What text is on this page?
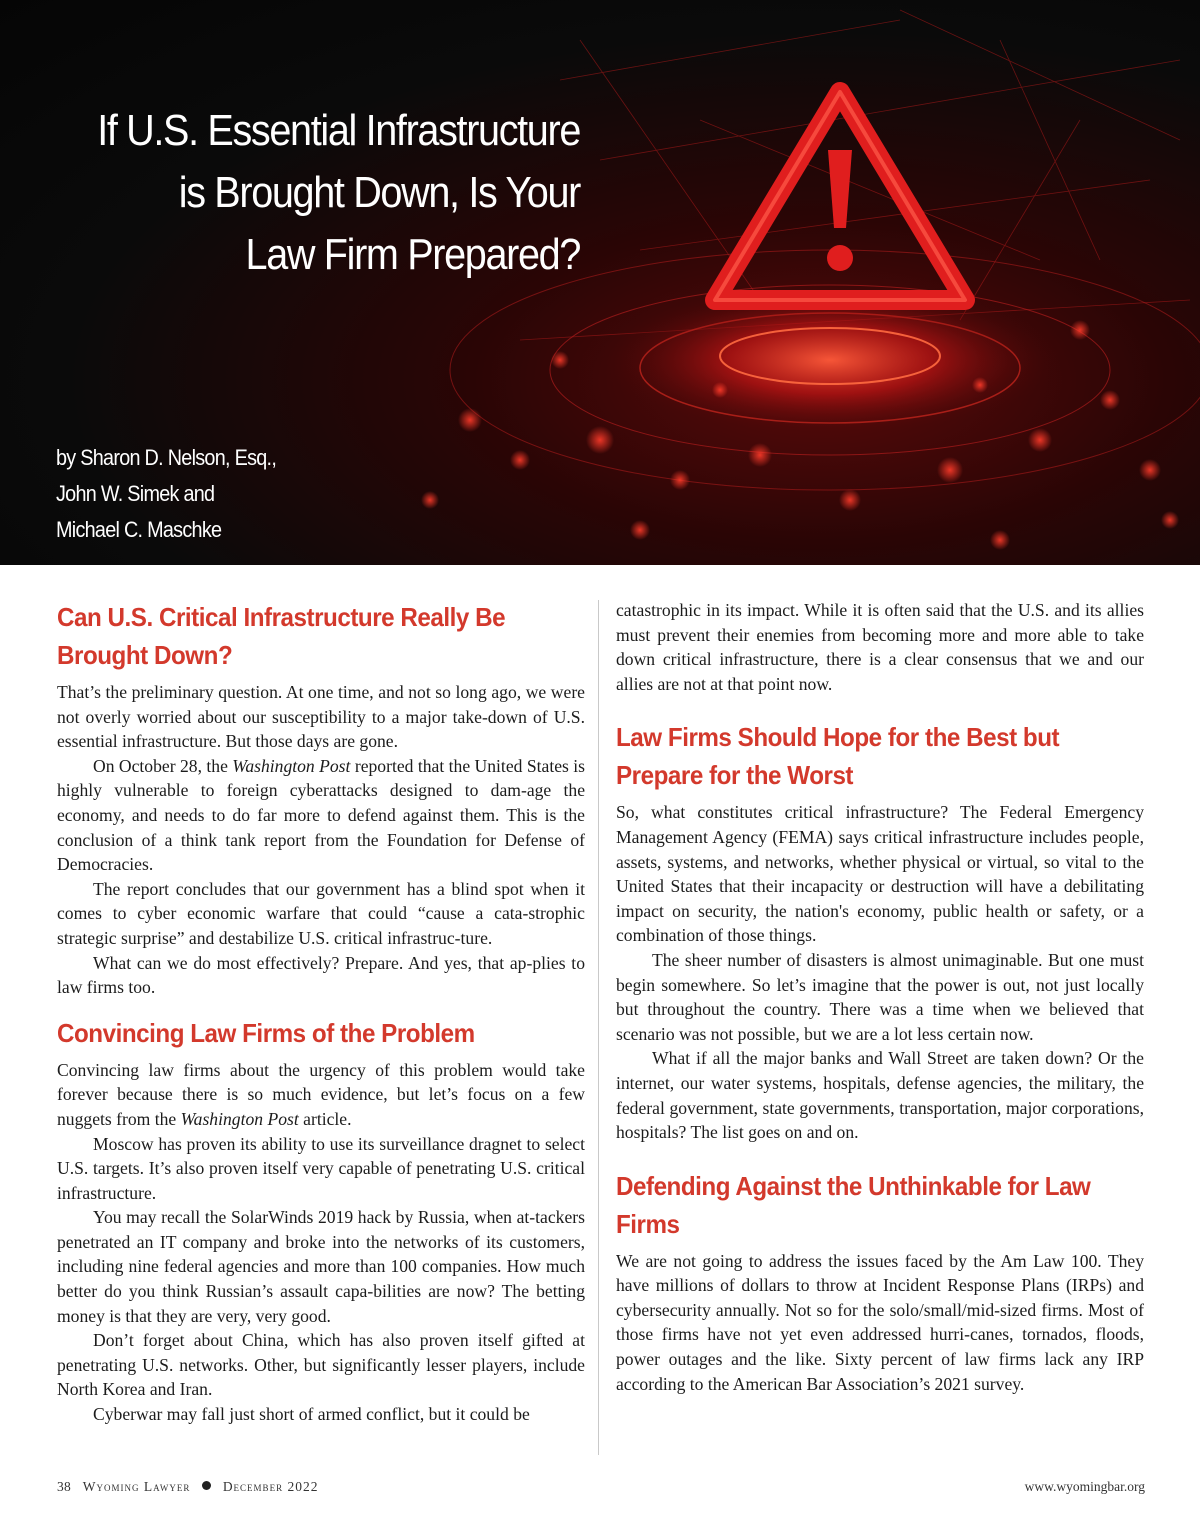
If U.S. Essential Infrastructure
is Brought Down, Is Your
Law Firm Prepared?
by Sharon D. Nelson, Esq.,
John W. Simek and
Michael C. Maschke
Can U.S. Critical Infrastructure Really Be Brought Down?

That’s the preliminary question. At one time, and not so long ago, we were not overly worried about our susceptibility to a major take-down of U.S. essential infrastructure. But those days are gone.

On October 28, the Washington Post reported that the United States is highly vulnerable to foreign cyberattacks designed to dam-age the economy, and needs to do far more to defend against them. This is the conclusion of a think tank report from the Foundation for Defense of Democracies.

The report concludes that our government has a blind spot when it comes to cyber economic warfare that could “cause a cata-strophic strategic surprise” and destabilize U.S. critical infrastruc-ture.

What can we do most effectively? Prepare. And yes, that ap-plies to law firms too.

Convincing Law Firms of the Problem

Convincing law firms about the urgency of this problem would take forever because there is so much evidence, but let’s focus on a few nuggets from the Washington Post article.

Moscow has proven its ability to use its surveillance dragnet to select U.S. targets. It’s also proven itself very capable of penetrating U.S. critical infrastructure.

You may recall the SolarWinds 2019 hack by Russia, when at-tackers penetrated an IT company and broke into the networks of its customers, including nine federal agencies and more than 100 companies. How much better do you think Russian’s assault capa-bilities are now? The betting money is that they are very, very good.

Don’t forget about China, which has also proven itself gifted at penetrating U.S. networks. Other, but significantly lesser players, include North Korea and Iran.

Cyberwar may fall just short of armed conflict, but it could be

catastrophic in its impact. While it is often said that the U.S. and its allies must prevent their enemies from becoming more and more able to take down critical infrastructure, there is a clear consensus that we and our allies are not at that point now.

Law Firms Should Hope for the Best but Prepare for the Worst

So, what constitutes critical infrastructure? The Federal Emergency Management Agency (FEMA) says critical infrastructure includes people, assets, systems, and networks, whether physical or virtual, so vital to the United States that their incapacity or destruction will have a debilitating impact on security, the nation's economy, public health or safety, or a combination of those things.

The sheer number of disasters is almost unimaginable. But one must begin somewhere. So let’s imagine that the power is out, not just locally but throughout the country. There was a time when we believed that scenario was not possible, but we are a lot less certain now.

What if all the major banks and Wall Street are taken down? Or the internet, our water systems, hospitals, defense agencies, the military, the federal government, state governments, transportation, major corporations, hospitals? The list goes on and on.

Defending Against the Unthinkable for Law Firms

We are not going to address the issues faced by the Am Law 100. They have millions of dollars to throw at Incident Response Plans (IRPs) and cybersecurity annually. Not so for the solo/small/mid-sized firms. Most of those firms have not yet even addressed hurri-canes, tornados, floods, power outages and the like. Sixty percent of law firms lack any IRP according to the American Bar Association’s 2021 survey.

38 Wyoming Lawyer December 2022	www.wyomingbar.org
